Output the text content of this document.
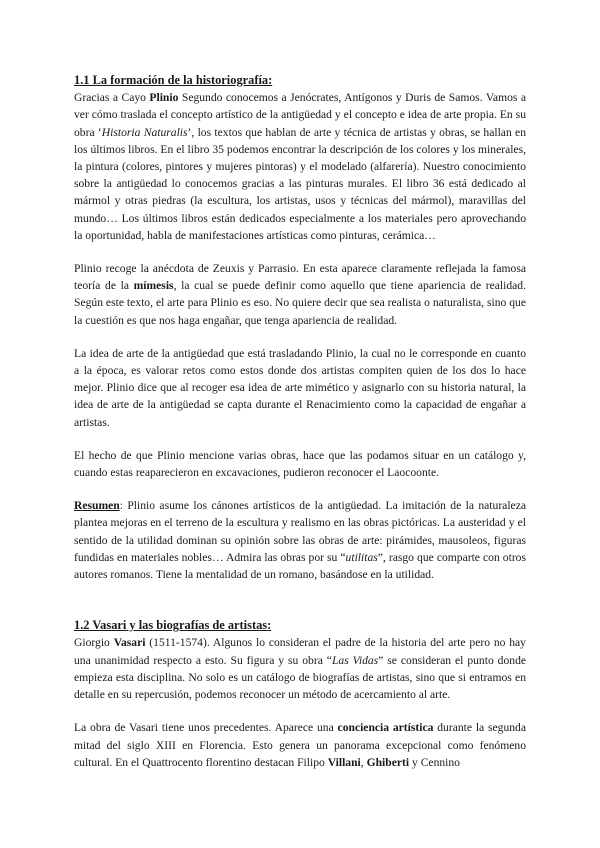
1.1 La formación de la historiografía:

Gracias a Cayo Plinio Segundo conocemos a Jenócrates, Antígonos y Duris de Samos. Vamos a ver cómo traslada el concepto artístico de la antigüedad y el concepto e idea de arte propia. En su obra ‘Historia Naturalis’, los textos que hablan de arte y técnica de artistas y obras, se hallan en los últimos libros. En el libro 35 podemos encontrar la descripción de los colores y los minerales, la pintura (colores, pintores y mujeres pintoras) y el modelado (alfarería). Nuestro conocimiento sobre la antigüedad lo conocemos gracias a las pinturas murales. El libro 36 está dedicado al mármol y otras piedras (la escultura, los artistas, usos y técnicas del mármol), maravillas del mundo… Los últimos libros están dedicados especialmente a los materiales pero aprovechando la oportunidad, habla de manifestaciones artísticas como pinturas, cerámica…

Plinio recoge la anécdota de Zeuxis y Parrasio. En esta aparece claramente reflejada la famosa teoría de la mímesis, la cual se puede definir como aquello que tiene apariencia de realidad. Según este texto, el arte para Plinio es eso. No quiere decir que sea realista o naturalista, sino que la cuestión es que nos haga engañar, que tenga apariencia de realidad.

La idea de arte de la antigüedad que está trasladando Plinio, la cual no le corresponde en cuanto a la época, es valorar retos como estos donde dos artistas compiten quien de los dos lo hace mejor. Plinio dice que al recoger esa idea de arte mimético y asignarlo con su historia natural, la idea de arte de la antigüedad se capta durante el Renacimiento como la capacidad de engañar a artistas.

El hecho de que Plinio mencione varias obras, hace que las podamos situar en un catálogo y, cuando estas reaparecieron en excavaciones, pudieron reconocer el Laocoonte.

Resumen: Plinio asume los cánones artísticos de la antigüedad. La imitación de la naturaleza plantea mejoras en el terreno de la escultura y realismo en las obras pictóricas. La austeridad y el sentido de la utilidad dominan su opinión sobre las obras de arte: pirámides, mausoleos, figuras fundidas en materiales nobles… Admira las obras por su “utilitas”, rasgo que comparte con otros autores romanos. Tiene la mentalidad de un romano, basándose en la utilidad.

1.2 Vasari y las biografías de artistas:

Giorgio Vasari (1511-1574). Algunos lo consideran el padre de la historia del arte pero no hay una unanimidad respecto a esto. Su figura y su obra “Las Vidas” se consideran el punto donde empieza esta disciplina. No solo es un catálogo de biografías de artistas, sino que si entramos en detalle en su repercusión, podemos reconocer un método de acercamiento al arte.

La obra de Vasari tiene unos precedentes. Aparece una conciencia artística durante la segunda mitad del siglo XIII en Florencia. Esto genera un panorama excepcional como fenómeno cultural. En el Quattrocento florentino destacan Filipo Villani, Ghiberti y Cennino
